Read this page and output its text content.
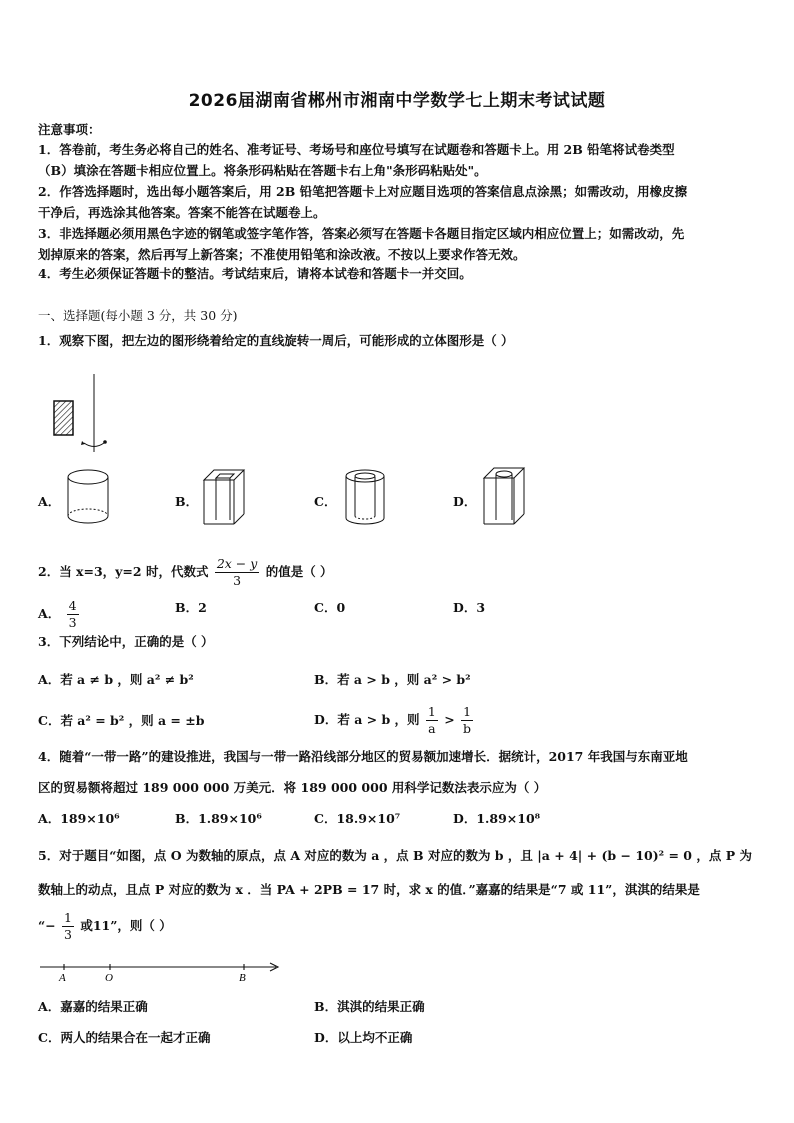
2026届湖南省郴州市湘南中学数学七上期末考试试题
注意事项：
1．答卷前，考生务必将自己的姓名、准考证号、考场号和座位号填写在试题卷和答题卡上。用 2B 铅笔将试卷类型
（B）填涂在答题卡相应位置上。将条形码粘贴在答题卡右上角"条形码粘贴处"。
2．作答选择题时，选出每小题答案后，用 2B 铅笔把答题卡上对应题目选项的答案信息点涂黑；如需改动，用橡皮擦
干净后，再选涂其他答案。答案不能答在试题卷上。
3．非选择题必须用黑色字迹的钢笔或签字笔作答，答案必须写在答题卡各题目指定区域内相应位置上；如需改动，先
划掉原来的答案，然后再写上新答案；不准使用铅笔和涂改液。不按以上要求作答无效。
4．考生必须保证答题卡的整洁。考试结束后，请将本试卷和答题卡一并交回。
一、选择题(每小题 3 分，共 30 分)
1．观察下图，把左边的图形绕着给定的直线旋转一周后，可能形成的立体图形是（ ）
A．	B．	C．	D．
2．当 x=3，y=2 时，代数式 $\frac{2x - y}{3}$ 的值是（ ）
A． $\frac{4}{3}$	B．2	C．0	D．3
3．下列结论中，正确的是（ ）
A．若 a ≠ b ，则 a² ≠ b²	B．若 a > b ，则 a² > b²
C．若 a² = b² ，则 a = ±b	D．若 a > b ，则 $\frac{1}{a} > \frac{1}{b}$
4．随着“一带一路”的建设推进，我国与一带一路沿线部分地区的贸易额加速增长．据统计，2017 年我国与东南亚地
区的贸易额将超过 189 000 000 万美元．将 189 000 000 用科学记数法表示应为（ ）
A．189×10⁶	B．1.89×10⁶	C．18.9×10⁷	D．1.89×10⁸
5．对于题目“如图，点 O 为数轴的原点，点 A 对应的数为 a ，点 B 对应的数为 b ，且 |a + 4| + (b − 10)² = 0 ，点 P 为
数轴上的动点，且点 P 对应的数为 x ．当 PA + 2PB = 17 时，求 x 的值．”嘉嘉的结果是“7 或 11”，淇淇的结果是
“− $\frac{1}{3}$ 或11”，则（ ）
A	O	B
A．嘉嘉的结果正确	B．淇淇的结果正确
C．两人的结果合在一起才正确	D．以上均不正确
